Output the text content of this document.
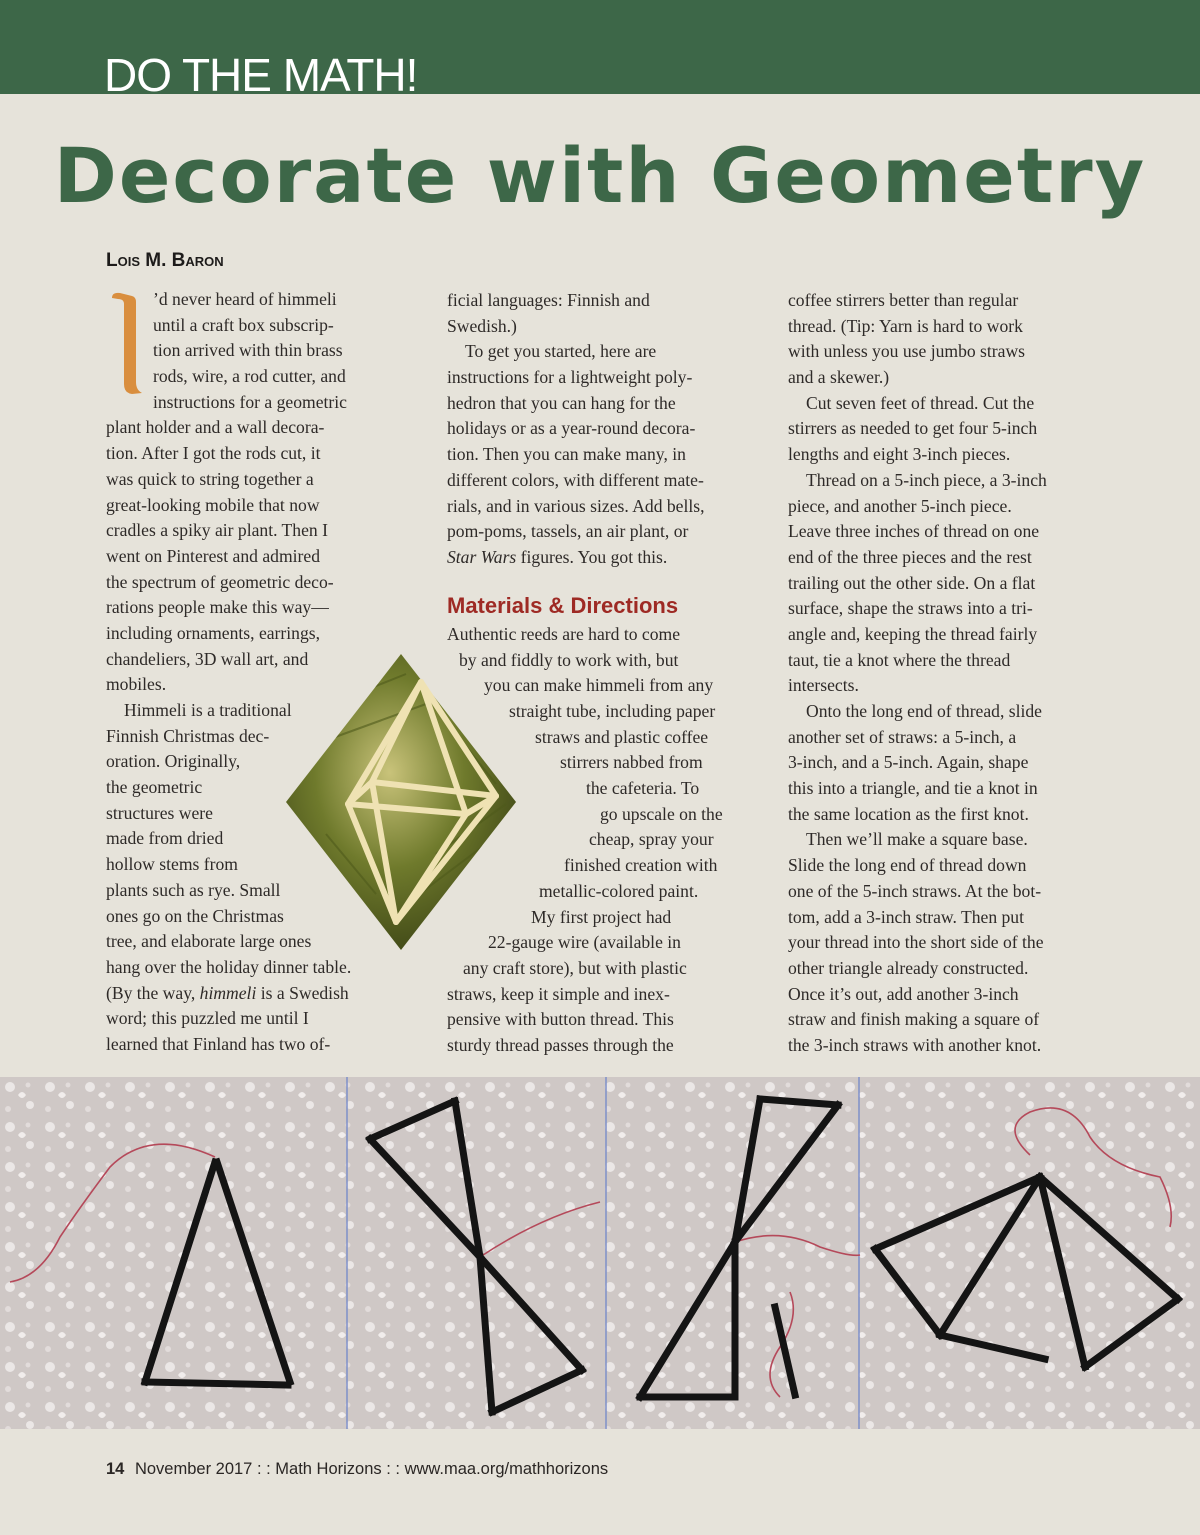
DO THE MATH!
Decorate with Geometry
Lois M. Baron
’d never heard of himmeli
until a craft box subscrip-
tion arrived with thin brass
rods, wire, a rod cutter, and
instructions for a geometric
plant holder and a wall decora-
tion. After I got the rods cut, it
was quick to string together a
great-looking mobile that now
cradles a spiky air plant. Then I
went on Pinterest and admired
the spectrum of geometric deco-
rations people make this way—
including ornaments, earrings,
chandeliers, 3D wall art, and
mobiles.
Himmeli is a traditional
Finnish Christmas dec-
oration. Originally,
the geometric
structures were
made from dried
hollow stems from
plants such as rye. Small
ones go on the Christmas
tree, and elaborate large ones
hang over the holiday dinner table.
(By the way, himmeli is a Swedish
word; this puzzled me until I
learned that Finland has two of-
ficial languages: Finnish and
Swedish.)
To get you started, here are
instructions for a lightweight poly-
hedron that you can hang for the
holidays or as a year-round decora-
tion. Then you can make many, in
different colors, with different mate-
rials, and in various sizes. Add bells,
pom-poms, tassels, an air plant, or
Star Wars figures. You got this.
Authentic reeds are hard to come
by and fiddly to work with, but
you can make himmeli from any
straight tube, including paper
straws and plastic coffee
stirrers nabbed from
the cafeteria. To
go upscale on the
cheap, spray your
finished creation with
metallic-colored paint.
My first project had
22-gauge wire (available in
any craft store), but with plastic
straws, keep it simple and inex-
pensive with button thread. This
sturdy thread passes through the
Materials & Directions
coffee stirrers better than regular
thread. (Tip: Yarn is hard to work
with unless you use jumbo straws
and a skewer.)
Cut seven feet of thread. Cut the
stirrers as needed to get four 5-inch
lengths and eight 3-inch pieces.
Thread on a 5-inch piece, a 3-inch
piece, and another 5-inch piece.
Leave three inches of thread on one
end of the three pieces and the rest
trailing out the other side. On a flat
surface, shape the straws into a tri-
angle and, keeping the thread fairly
taut, tie a knot where the thread
intersects.
Onto the long end of thread, slide
another set of straws: a 5-inch, a
3-inch, and a 5-inch. Again, shape
this into a triangle, and tie a knot in
the same location as the first knot.
Then we’ll make a square base.
Slide the long end of thread down
one of the 5-inch straws. At the bot-
tom, add a 3-inch straw. Then put
your thread into the short side of the
other triangle already constructed.
Once it’s out, add another 3-inch
straw and finish making a square of
the 3-inch straws with another knot.
14 November 2017 : : Math Horizons : : www.maa.org/mathhorizons
